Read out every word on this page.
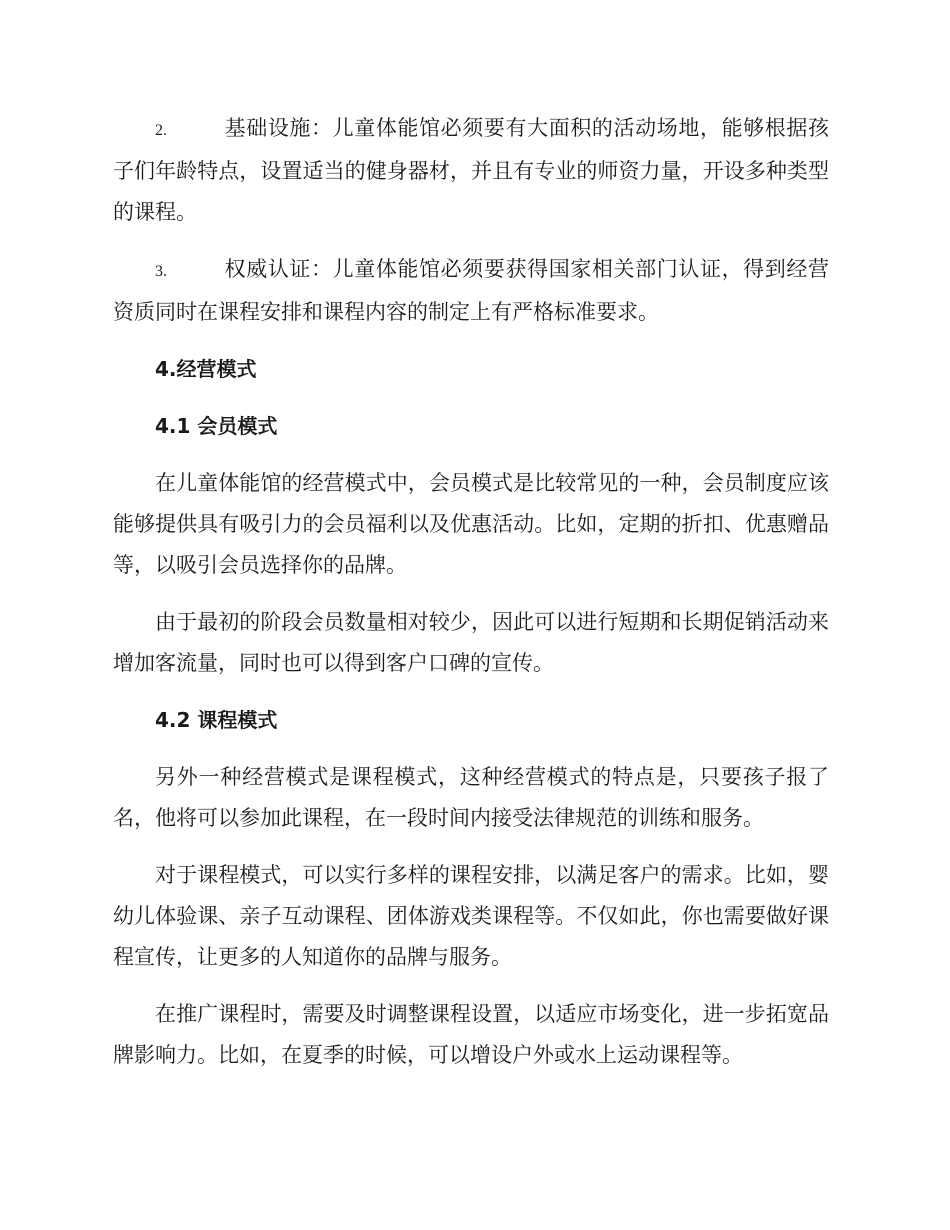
2.	基础设施：儿童体能馆必须要有大面积的活动场地，能够根据孩子们年龄特点，设置适当的健身器材，并且有专业的师资力量，开设多种类型的课程。

3.	权威认证：儿童体能馆必须要获得国家相关部门认证，得到经营资质同时在课程安排和课程内容的制定上有严格标准要求。

4.经营模式
4.1 会员模式

在儿童体能馆的经营模式中，会员模式是比较常见的一种，会员制度应该能够提供具有吸引力的会员福利以及优惠活动。比如，定期的折扣、优惠赠品等，以吸引会员选择你的品牌。

由于最初的阶段会员数量相对较少，因此可以进行短期和长期促销活动来增加客流量，同时也可以得到客户口碑的宣传。

4.2 课程模式

另外一种经营模式是课程模式，这种经营模式的特点是，只要孩子报了名，他将可以参加此课程，在一段时间内接受法律规范的训练和服务。

对于课程模式，可以实行多样的课程安排，以满足客户的需求。比如，婴幼儿体验课、亲子互动课程、团体游戏类课程等。不仅如此，你也需要做好课程宣传，让更多的人知道你的品牌与服务。

在推广课程时，需要及时调整课程设置，以适应市场变化，进一步拓宽品牌影响力。比如，在夏季的时候，可以增设户外或水上运动课程等。
